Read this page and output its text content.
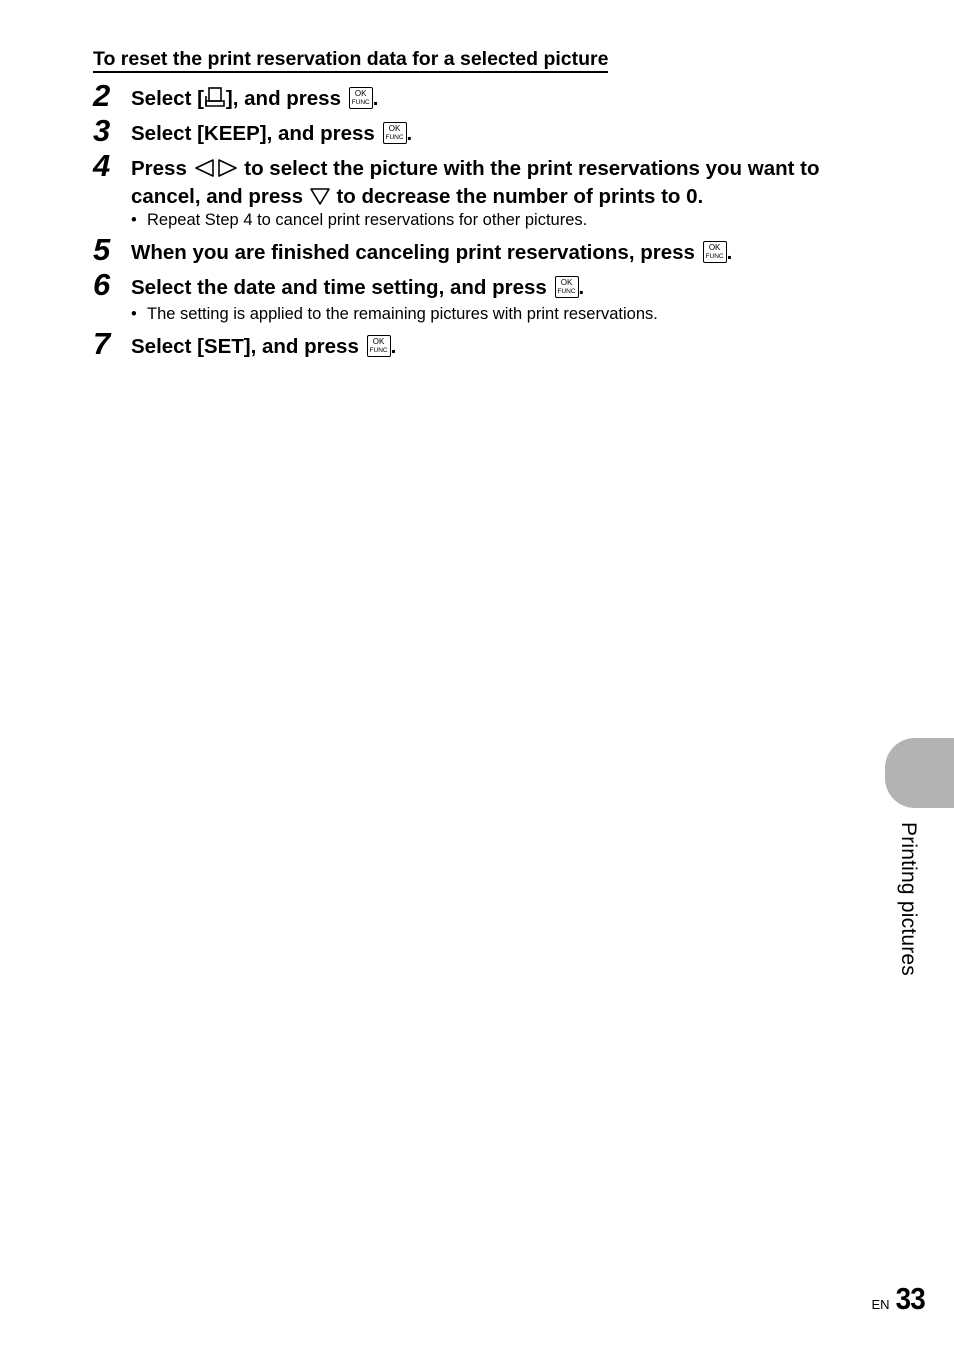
To reset the print reservation data for a selected picture
2	Select [ ], and press	OK
FUNC .
3	Select [KEEP], and press	OK
FUNC .
4	Press  to select the picture with the print reservations you want to cancel, and press  to decrease the number of prints to 0.
• Repeat Step 4 to cancel print reservations for other pictures.
5	When you are finished canceling print reservations, press	OK
FUNC .
6	Select the date and time setting, and press	OK
FUNC .
• The setting is applied to the remaining pictures with print reservations.
7	Select [SET], and press	OK
FUNC .
Printing pictures
EN 33
